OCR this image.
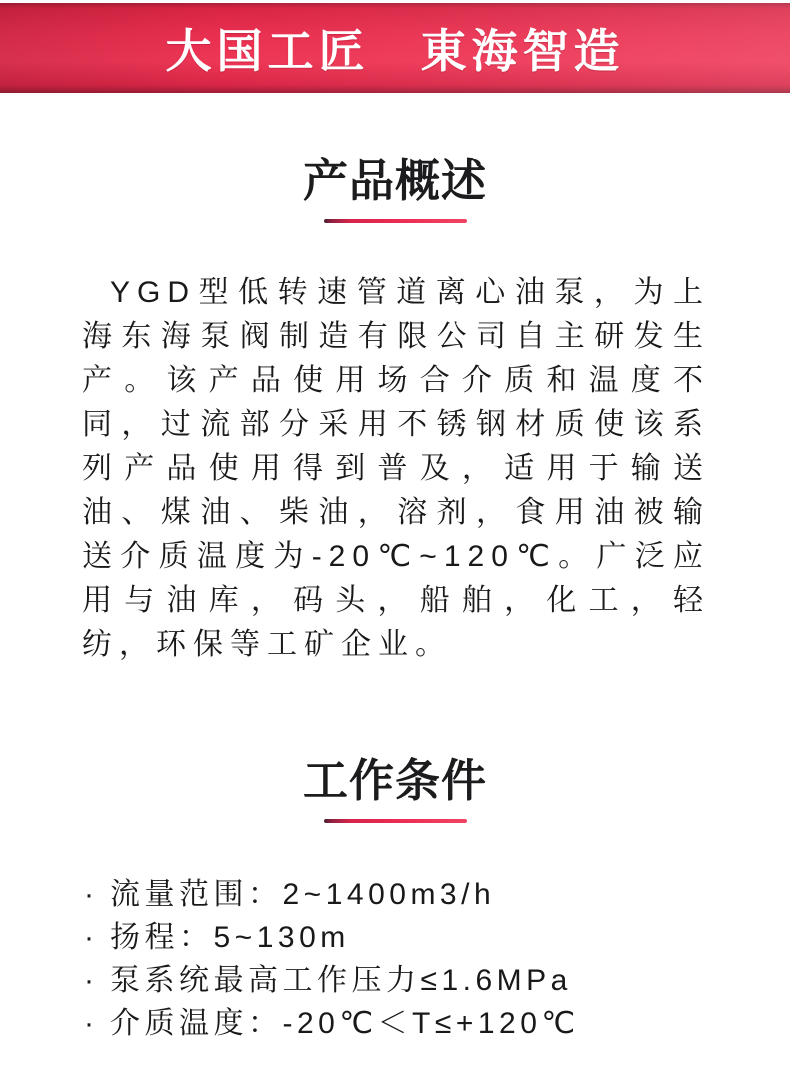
大国工匠　東海智造
产品概述

YGD型低转速管道离心油泵，为上海东海泵阀制造有限公司自主研发生产。该产品使用场合介质和温度不同，过流部分采用不锈钢材质使该系列产品使用得到普及，适用于输送油、煤油、柴油，溶剂，食用油被输送介质温度为-20℃~120℃。广泛应用与油库，码头，船舶，化工，轻纺，环保等工矿企业。

工作条件
· 流量范围：2~1400m3/h
· 扬程：5~130m
· 泵系统最高工作压力≤1.6MPa
· 介质温度：-20℃＜T≤+120℃
